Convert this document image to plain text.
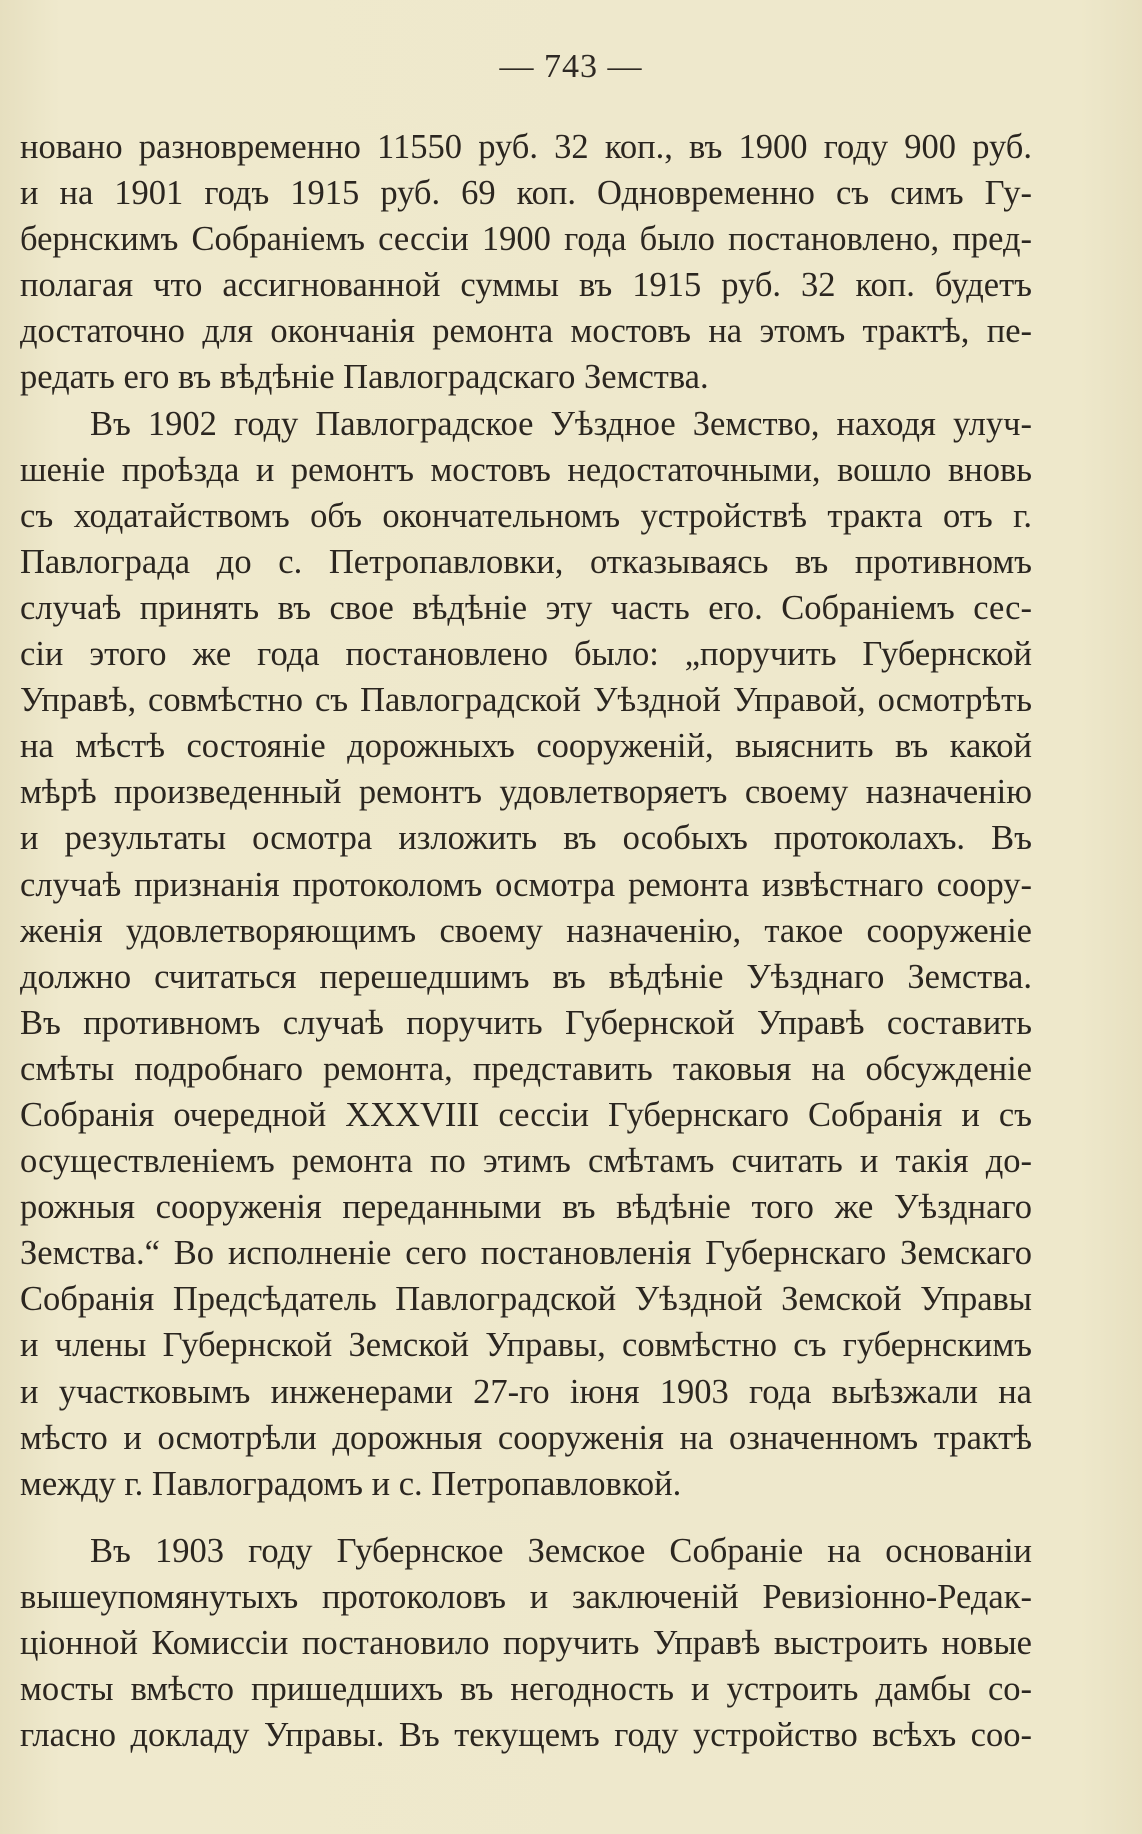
— 743 —
новано разновременно 11550 руб. 32 коп., въ 1900 году 900 руб.
и на 1901 годъ 1915 руб. 69 коп. Одновременно съ симъ Гу-
бернскимъ Собраніемъ сессіи 1900 года было постановлено, пред-
полагая что ассигнованной суммы въ 1915 руб. 32 коп. будетъ
достаточно для окончанія ремонта мостовъ на этомъ трактѣ, пе-
редать его въ вѣдѣніе Павлоградскаго Земства.
Въ 1902 году Павлоградское Уѣздное Земство, находя улуч-
шеніе проѣзда и ремонтъ мостовъ недостаточными, вошло вновь
съ ходатайствомъ объ окончательномъ устройствѣ тракта отъ г.
Павлограда до с. Петропавловки, отказываясь въ противномъ
случаѣ принять въ свое вѣдѣніе эту часть его. Собраніемъ сес-
сіи этого же года постановлено было: „поручить Губернской
Управѣ, совмѣстно съ Павлоградской Уѣздной Управой, осмотрѣть
на мѣстѣ состояніе дорожныхъ сооруженій, выяснить въ какой
мѣрѣ произведенный ремонтъ удовлетворяетъ своему назначенію
и результаты осмотра изложить въ особыхъ протоколахъ. Въ
случаѣ признанія протоколомъ осмотра ремонта извѣстнаго соору-
женія удовлетворяющимъ своему назначенію, такое сооруженіе
должно считаться перешедшимъ въ вѣдѣніе Уѣзднаго Земства.
Въ противномъ случаѣ поручить Губернской Управѣ составить
смѣты подробнаго ремонта, представить таковыя на обсужденіе
Собранія очередной XXXVIII сессіи Губернскаго Собранія и съ
осуществленіемъ ремонта по этимъ смѣтамъ считать и такія до-
рожныя сооруженія переданными въ вѣдѣніе того же Уѣзднаго
Земства.“ Во исполненіе сего постановленія Губернскаго Земскаго
Собранія Предсѣдатель Павлоградской Уѣздной Земской Управы
и члены Губернской Земской Управы, совмѣстно съ губернскимъ
и участковымъ инженерами 27-го іюня 1903 года выѣзжали на
мѣсто и осмотрѣли дорожныя сооруженія на означенномъ трактѣ
между г. Павлоградомъ и с. Петропавловкой.
Въ 1903 году Губернское Земское Собраніе на основаніи
вышеупомянутыхъ протоколовъ и заключеній Ревизіонно-Редак-
ціонной Комиссіи постановило поручить Управѣ выстроить новые
мосты вмѣсто пришедшихъ въ негодность и устроить дамбы со-
гласно докладу Управы. Въ текущемъ году устройство всѣхъ соо-
